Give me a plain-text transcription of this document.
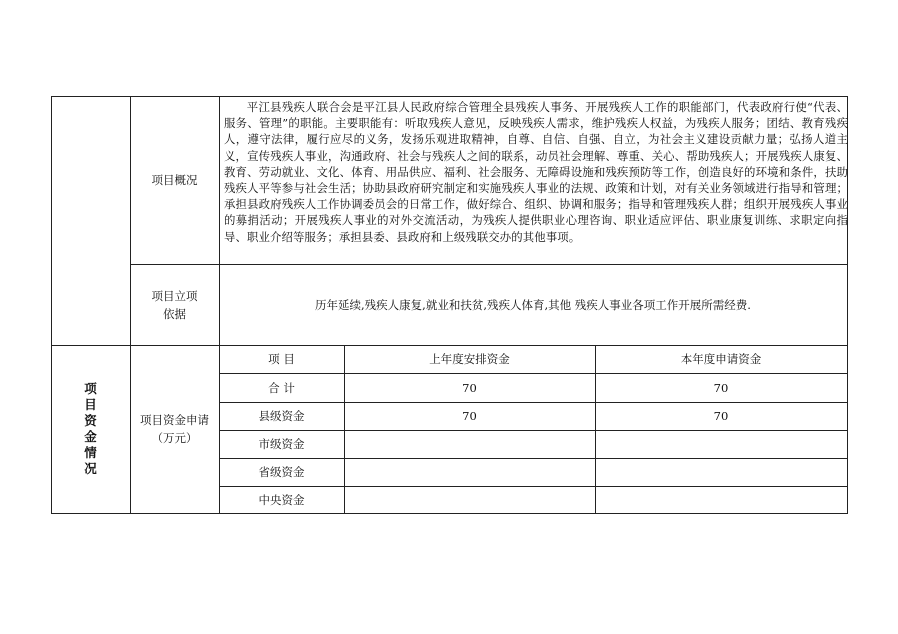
项目概况
平江县残疾人联合会是平江县人民政府综合管理全县残疾人事务、开展残疾人工作的职能部门，代表政府行使“代表、服务、管理”的职能。主要职能有：听取残疾人意见，反映残疾人需求，维护残疾人权益，为残疾人服务；团结、教育残疾人，遵守法律，履行应尽的义务，发扬乐观进取精神，自尊、自信、自强、自立，为社会主义建设贡献力量；弘扬人道主义，宣传残疾人事业，沟通政府、社会与残疾人之间的联系，动员社会理解、尊重、关心、帮助残疾人；开展残疾人康复、教育、劳动就业、文化、体育、用品供应、福利、社会服务、无障碍设施和残疾预防等工作，创造良好的环境和条件，扶助残疾人平等参与社会生活；协助县政府研究制定和实施残疾人事业的法规、政策和计划，对有关业务领域进行指导和管理；承担县政府残疾人工作协调委员会的日常工作，做好综合、组织、协调和服务；指导和管理残疾人群；组织开展残疾人事业的募捐活动；开展残疾人事业的对外交流活动，为残疾人提供职业心理咨询、职业适应评估、职业康复训练、求职定向指导、职业介绍等服务；承担县委、县政府和上级残联交办的其他事项。
项目立项
依据
历年延续,残疾人康复,就业和扶贫,残疾人体育,其他 残疾人事业各项工作开展所需经费.
项目资金情况
项目资金申请
（万元）
项 目	上年度安排资金	本年度申请资金
合 计	70	70
县级资金	70	70
市级资金
省级资金
中央资金
